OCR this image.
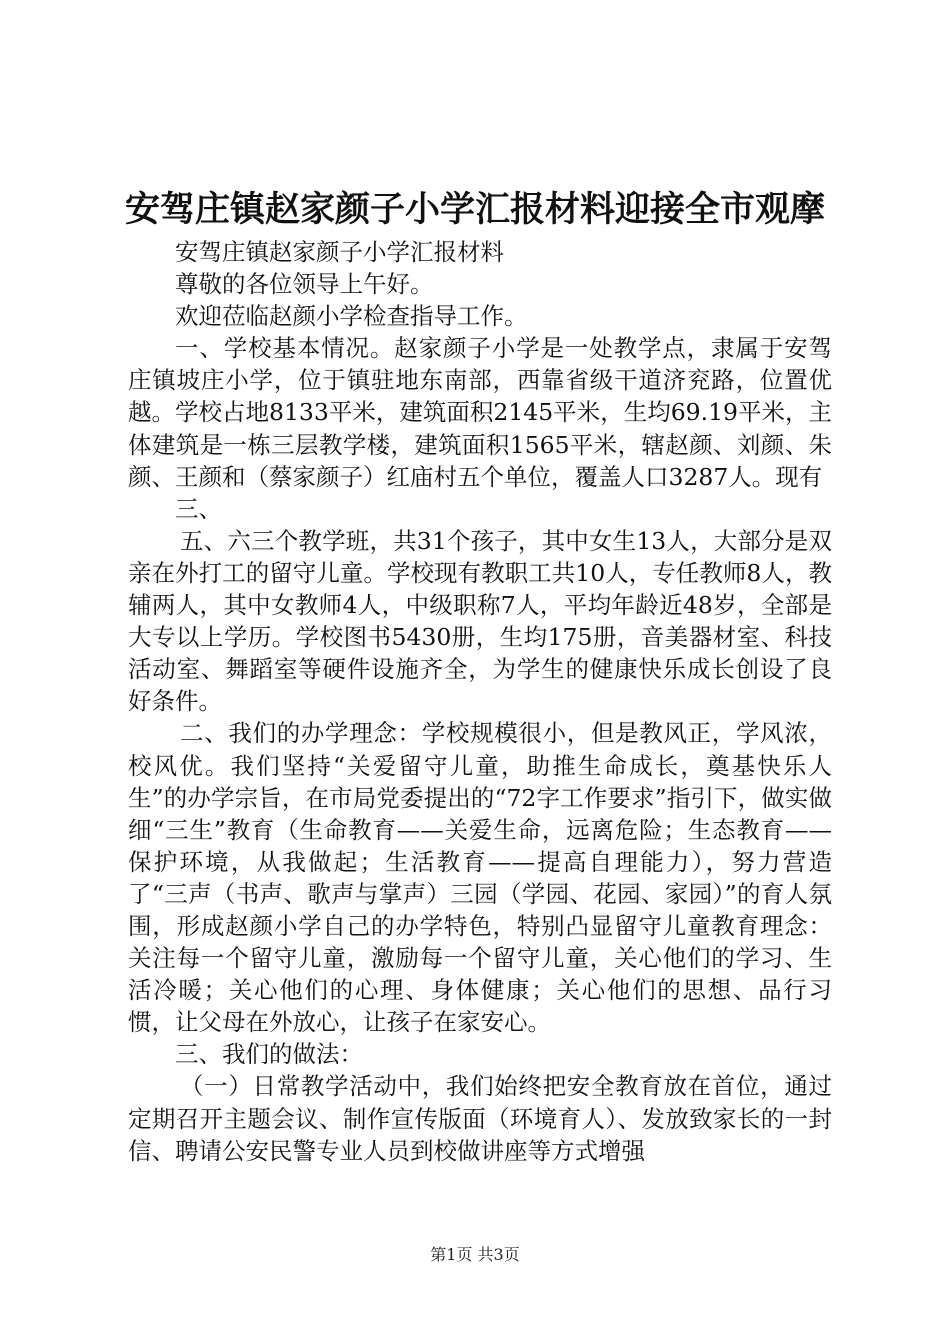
安驾庄镇赵家颜子小学汇报材料迎接全市观摩

安驾庄镇赵家颜子小学汇报材料

尊敬的各位领导上午好。

欢迎莅临赵颜小学检查指导工作。

一、学校基本情况。赵家颜子小学是一处教学点，隶属于安驾庄镇坡庄小学，位于镇驻地东南部，西靠省级干道济兖路，位置优越。学校占地8133平米，建筑面积2145平米，生均69.19平米，主体建筑是一栋三层教学楼，建筑面积1565平米，辖赵颜、刘颜、朱颜、王颜和（蔡家颜子）红庙村五个单位，覆盖人口3287人。现有

三、

五、六三个教学班，共31个孩子，其中女生13人，大部分是双亲在外打工的留守儿童。学校现有教职工共10人，专任教师8人，教辅两人，其中女教师4人，中级职称7人，平均年龄近48岁，全部是大专以上学历。学校图书5430册，生均175册，音美器材室、科技活动室、舞蹈室等硬件设施齐全，为学生的健康快乐成长创设了良好条件。

二、我们的办学理念：学校规模很小，但是教风正，学风浓，校风优。我们坚持“关爱留守儿童，助推生命成长，奠基快乐人生”的办学宗旨，在市局党委提出的“72字工作要求”指引下，做实做细“三生”教育（生命教育——关爱生命，远离危险；生态教育——保护环境，从我做起；生活教育——提高自理能力），努力营造了“三声（书声、歌声与掌声）三园（学园、花园、家园）”的育人氛围，形成赵颜小学自己的办学特色，特别凸显留守儿童教育理念：关注每一个留守儿童，激励每一个留守儿童，关心他们的学习、生活冷暖；关心他们的心理、身体健康；关心他们的思想、品行习惯，让父母在外放心，让孩子在家安心。

三、我们的做法：

（一）日常教学活动中，我们始终把安全教育放在首位，通过定期召开主题会议、制作宣传版面（环境育人）、发放致家长的一封信、聘请公安民警专业人员到校做讲座等方式增强

第1页 共3页
